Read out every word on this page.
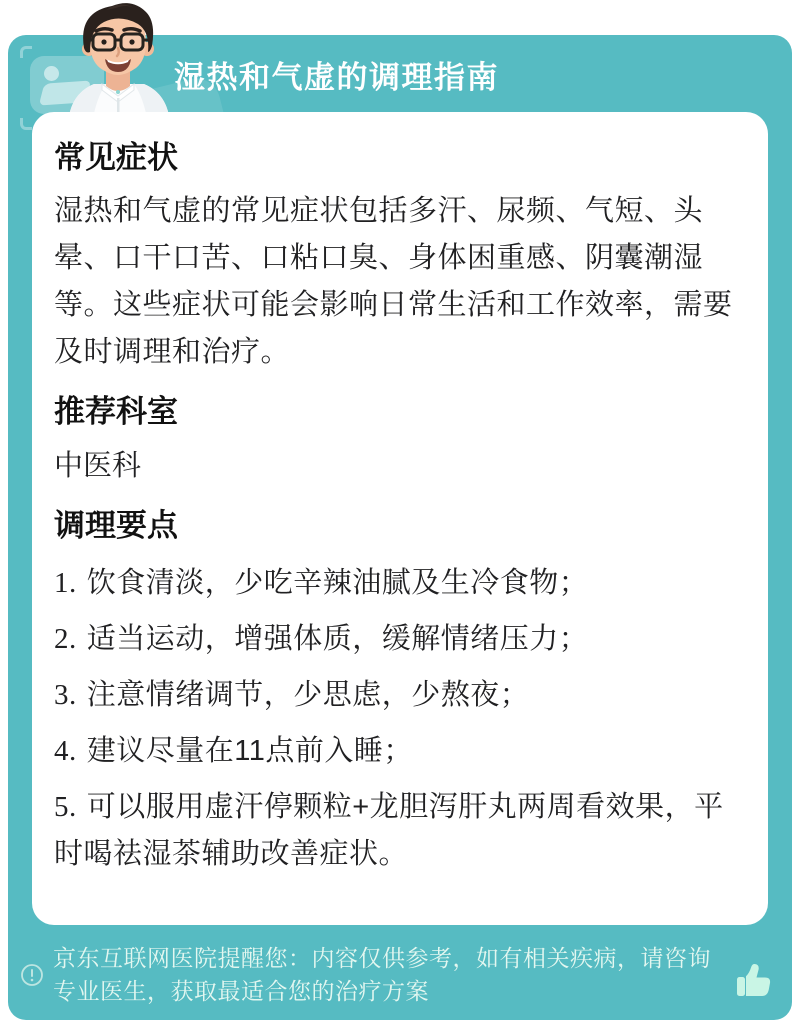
湿热和气虚的调理指南
常见症状

湿热和气虚的常见症状包括多汗、尿频、气短、头晕、口干口苦、口粘口臭、身体困重感、阴囊潮湿等。这些症状可能会影响日常生活和工作效率，需要及时调理和治疗。

推荐科室

中医科

调理要点

1. 饮食清淡，少吃辛辣油腻及生冷食物；

2. 适当运动，增强体质，缓解情绪压力；

3. 注意情绪调节，少思虑，少熬夜；

4. 建议尽量在11点前入睡；

5. 可以服用虚汗停颗粒+龙胆泻肝丸两周看效果，平时喝祛湿茶辅助改善症状。

京东互联网医院提醒您：内容仅供参考，如有相关疾病，请咨询专业医生，获取最适合您的治疗方案
